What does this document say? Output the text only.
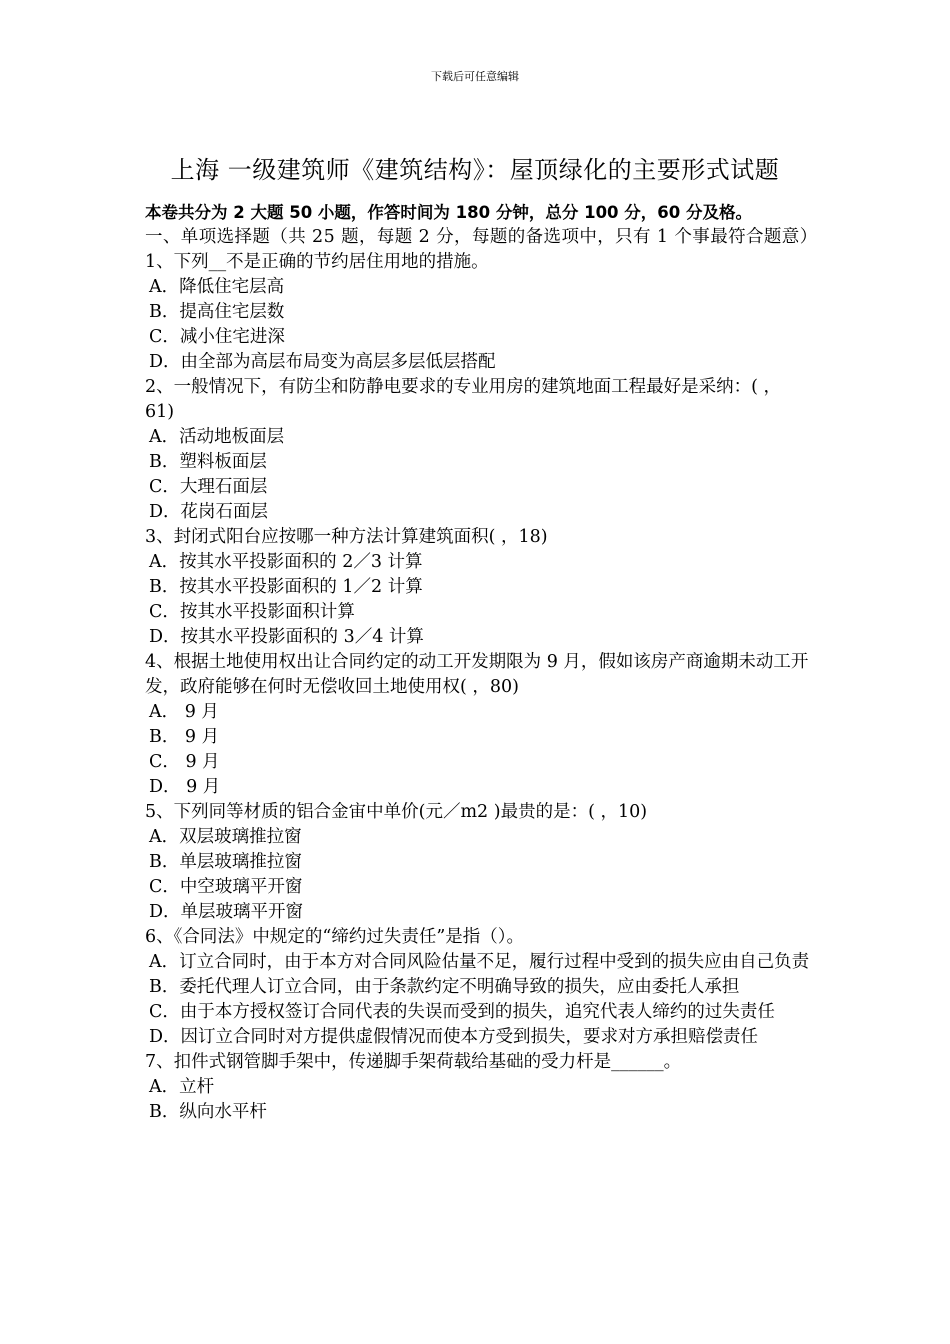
下载后可任意编辑
上海 一级建筑师《建筑结构》：屋顶绿化的主要形式试题
本卷共分为 2 大题 50 小题，作答时间为 180 分钟，总分 100 分，60 分及格。
一、单项选择题（共 25 题，每题 2 分，每题的备选项中，只有 1 个事最符合题意）

1、下列__不是正确的节约居住用地的措施。

A．降低住宅层高

B．提高住宅层数

C．减小住宅进深

D．由全部为高层布局变为高层多层低层搭配

2、一般情况下，有防尘和防静电要求的专业用房的建筑地面工程最好是采纳：( ，61)

A．活动地板面层

B．塑料板面层

C．大理石面层

D．花岗石面层

3、封闭式阳台应按哪一种方法计算建筑面积( ，18)

A．按其水平投影面积的 2／3 计算

B．按其水平投影面积的 1／2 计算

C．按其水平投影面积计算

D．按其水平投影面积的 3／4 计算

4、根据土地使用权出让合同约定的动工开发期限为 9 月，假如该房产商逾期未动工开发，政府能够在何时无偿收回土地使用权( ，80)

A． 9 月

B． 9 月

C． 9 月

D． 9 月

5、下列同等材质的铝合金宙中单价(元／m2 )最贵的是：( ，10)

A．双层玻璃推拉窗

B．单层玻璃推拉窗

C．中空玻璃平开窗

D．单层玻璃平开窗

6、《合同法》中规定的“缔约过失责任”是指（）。

A．订立合同时，由于本方对合同风险估量不足，履行过程中受到的损失应由自己负责

B．委托代理人订立合同，由于条款约定不明确导致的损失，应由委托人承担

C．由于本方授权签订合同代表的失误而受到的损失，追究代表人缔约的过失责任

D．因订立合同时对方提供虚假情况而使本方受到损失，要求对方承担赔偿责任

7、扣件式钢管脚手架中，传递脚手架荷载给基础的受力杆是______。

A．立杆

B．纵向水平杆
